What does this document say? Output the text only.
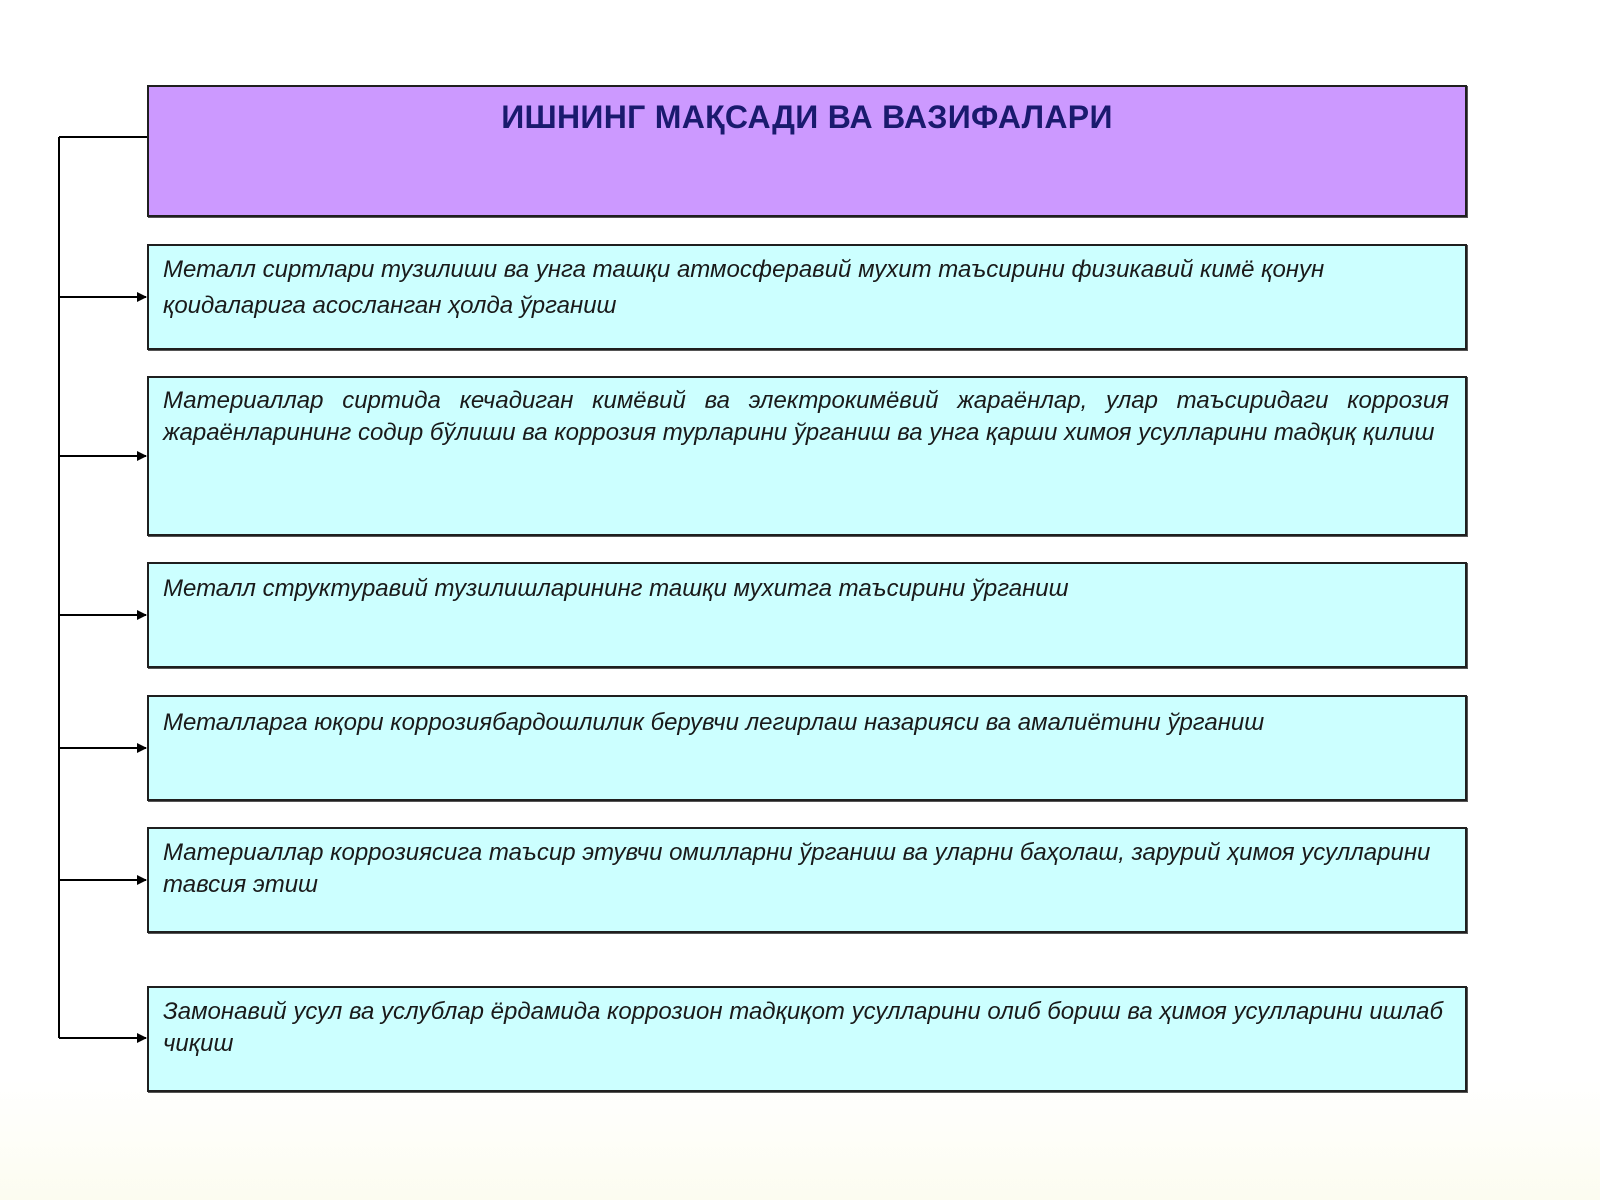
ИШНИНГ МАҚСАДИ ВА ВАЗИФАЛАРИ

Металл сиртлари тузилиши ва унга ташқи атмосферавий мухит таъсирини физикавий кимё қонун қоидаларига асосланган ҳолда ўрганиш

Материаллар сиртида кечадиган кимёвий ва электрокимёвий жараёнлар, улар таъсиридаги коррозия жараёнларининг содир бўлиши ва коррозия турларини ўрганиш ва унга қарши химоя усулларини тадқиқ қилиш

Металл структуравий тузилишларининг ташқи мухитга таъсирини ўрганиш

Металларга юқори коррозиябардошлилик берувчи легирлаш назарияси ва амалиётини ўрганиш

Материаллар коррозиясига таъсир этувчи омилларни ўрганиш ва уларни баҳолаш, зарурий ҳимоя усулларини тавсия этиш

Замонавий усул ва услублар ёрдамида коррозион тадқиқот усулларини олиб бориш ва ҳимоя усулларини ишлаб чиқиш
